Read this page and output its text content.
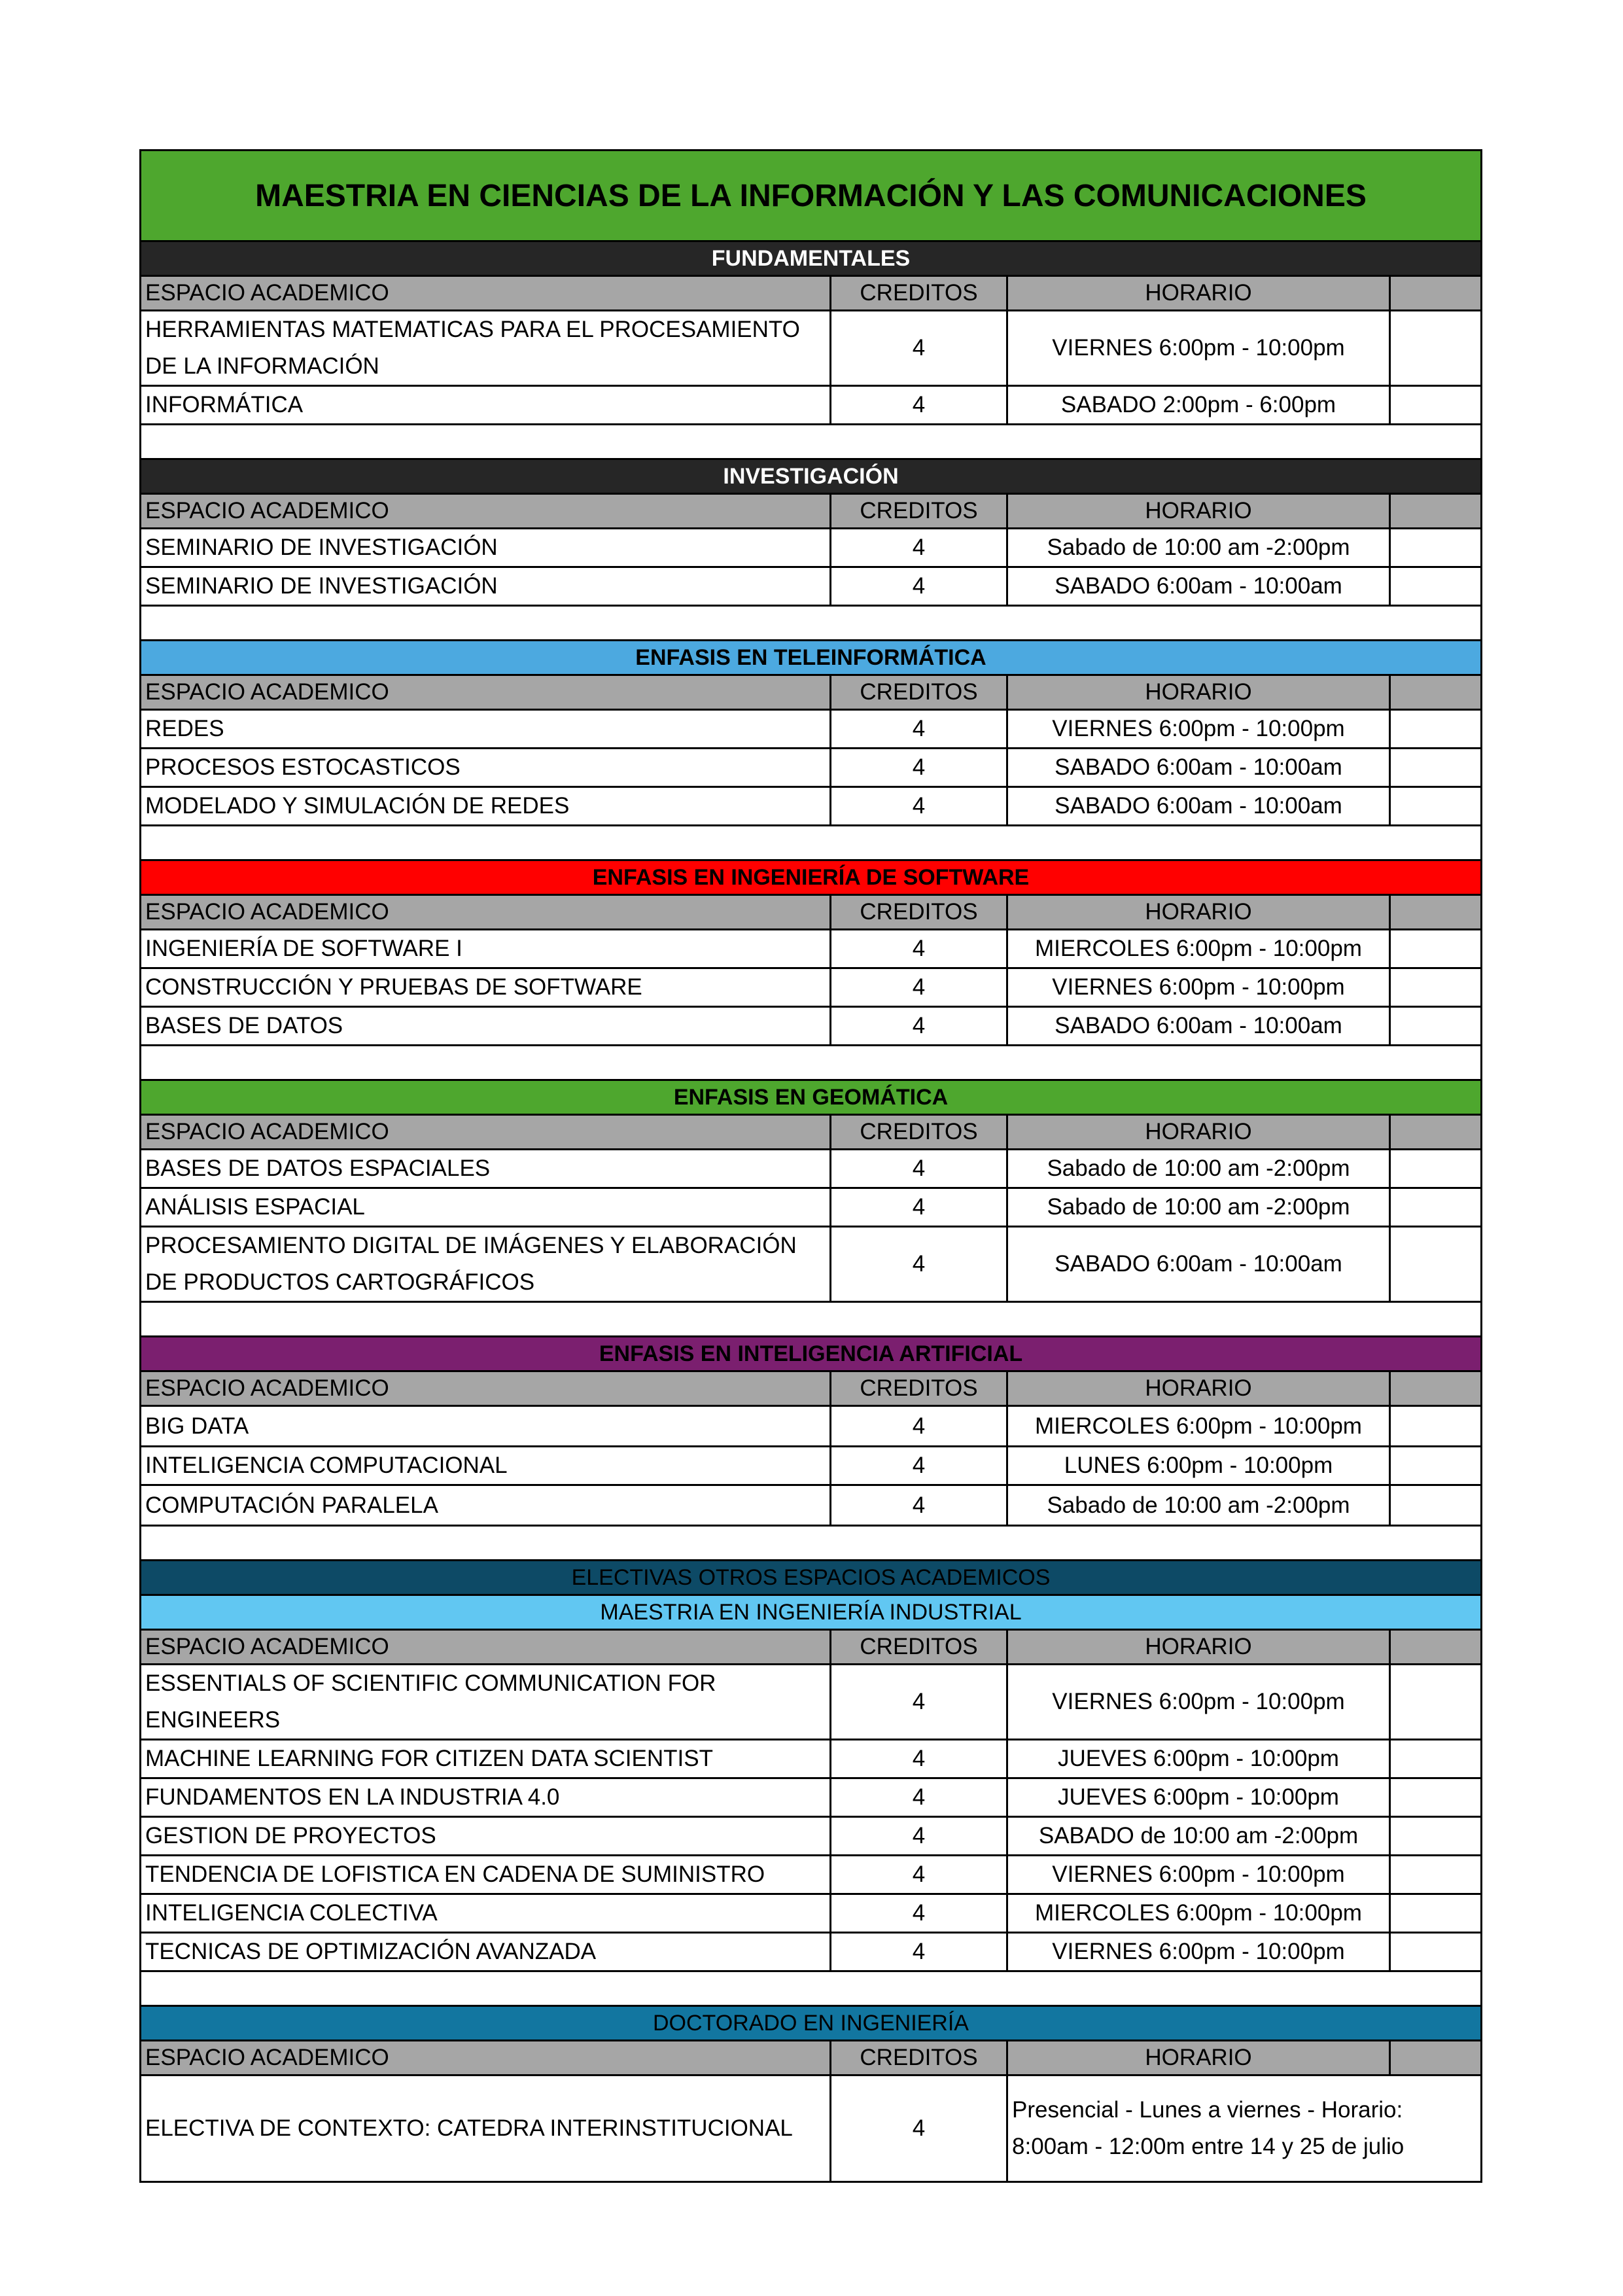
MAESTRIA EN CIENCIAS DE LA INFORMACIÓN Y LAS COMUNICACIONES			
FUNDAMENTALES			
ESPACIO ACADEMICO	CREDITOS	HORARIO	
HERRAMIENTAS MATEMATICAS PARA EL PROCESAMIENTO DE LA INFORMACIÓN	4	VIERNES 6:00pm - 10:00pm	
INFORMÁTICA	4	SABADO 2:00pm - 6:00pm	

INVESTIGACIÓN			
ESPACIO ACADEMICO	CREDITOS	HORARIO	
SEMINARIO DE INVESTIGACIÓN	4	Sabado de 10:00 am -2:00pm	
SEMINARIO DE INVESTIGACIÓN	4	SABADO 6:00am - 10:00am	

ENFASIS EN TELEINFORMÁTICA			
ESPACIO ACADEMICO	CREDITOS	HORARIO	
REDES	4	VIERNES 6:00pm - 10:00pm	
PROCESOS ESTOCASTICOS	4	SABADO 6:00am - 10:00am	
MODELADO Y SIMULACIÓN DE REDES	4	SABADO 6:00am - 10:00am	

ENFASIS EN INGENIERÍA DE SOFTWARE			
ESPACIO ACADEMICO	CREDITOS	HORARIO	
INGENIERÍA DE SOFTWARE I	4	MIERCOLES 6:00pm - 10:00pm	
CONSTRUCCIÓN Y PRUEBAS DE SOFTWARE	4	VIERNES 6:00pm - 10:00pm	
BASES DE DATOS	4	SABADO 6:00am - 10:00am	

ENFASIS EN GEOMÁTICA			
ESPACIO ACADEMICO	CREDITOS	HORARIO	
BASES DE DATOS ESPACIALES	4	Sabado de 10:00 am -2:00pm	
ANÁLISIS ESPACIAL	4	Sabado de 10:00 am -2:00pm	
PROCESAMIENTO DIGITAL DE IMÁGENES Y ELABORACIÓN DE PRODUCTOS CARTOGRÁFICOS	4	SABADO 6:00am - 10:00am	

ENFASIS EN INTELIGENCIA ARTIFICIAL			
ESPACIO ACADEMICO	CREDITOS	HORARIO	
BIG DATA	4	MIERCOLES 6:00pm - 10:00pm	
INTELIGENCIA COMPUTACIONAL	4	LUNES 6:00pm - 10:00pm	
COMPUTACIÓN PARALELA	4	Sabado de 10:00 am -2:00pm	

ELECTIVAS OTROS ESPACIOS ACADEMICOS			
MAESTRIA EN INGENIERÍA INDUSTRIAL			
ESPACIO ACADEMICO	CREDITOS	HORARIO	
ESSENTIALS OF SCIENTIFIC COMMUNICATION FOR ENGINEERS	4	VIERNES 6:00pm - 10:00pm	
MACHINE LEARNING FOR CITIZEN DATA SCIENTIST	4	JUEVES 6:00pm - 10:00pm	
FUNDAMENTOS EN LA INDUSTRIA 4.0	4	JUEVES 6:00pm - 10:00pm	
GESTION DE PROYECTOS	4	SABADO de 10:00 am -2:00pm	
TENDENCIA DE LOFISTICA EN CADENA DE SUMINISTRO	4	VIERNES 6:00pm - 10:00pm	
INTELIGENCIA COLECTIVA	4	MIERCOLES 6:00pm - 10:00pm	
TECNICAS DE OPTIMIZACIÓN AVANZADA	4	VIERNES 6:00pm - 10:00pm	

DOCTORADO EN INGENIERÍA			
ESPACIO ACADEMICO	CREDITOS	HORARIO	
ELECTIVA DE CONTEXTO: CATEDRA INTERINSTITUCIONAL	4	Presencial - Lunes a viernes - Horario: 8:00am - 12:00m entre 14 y 25 de julio	
